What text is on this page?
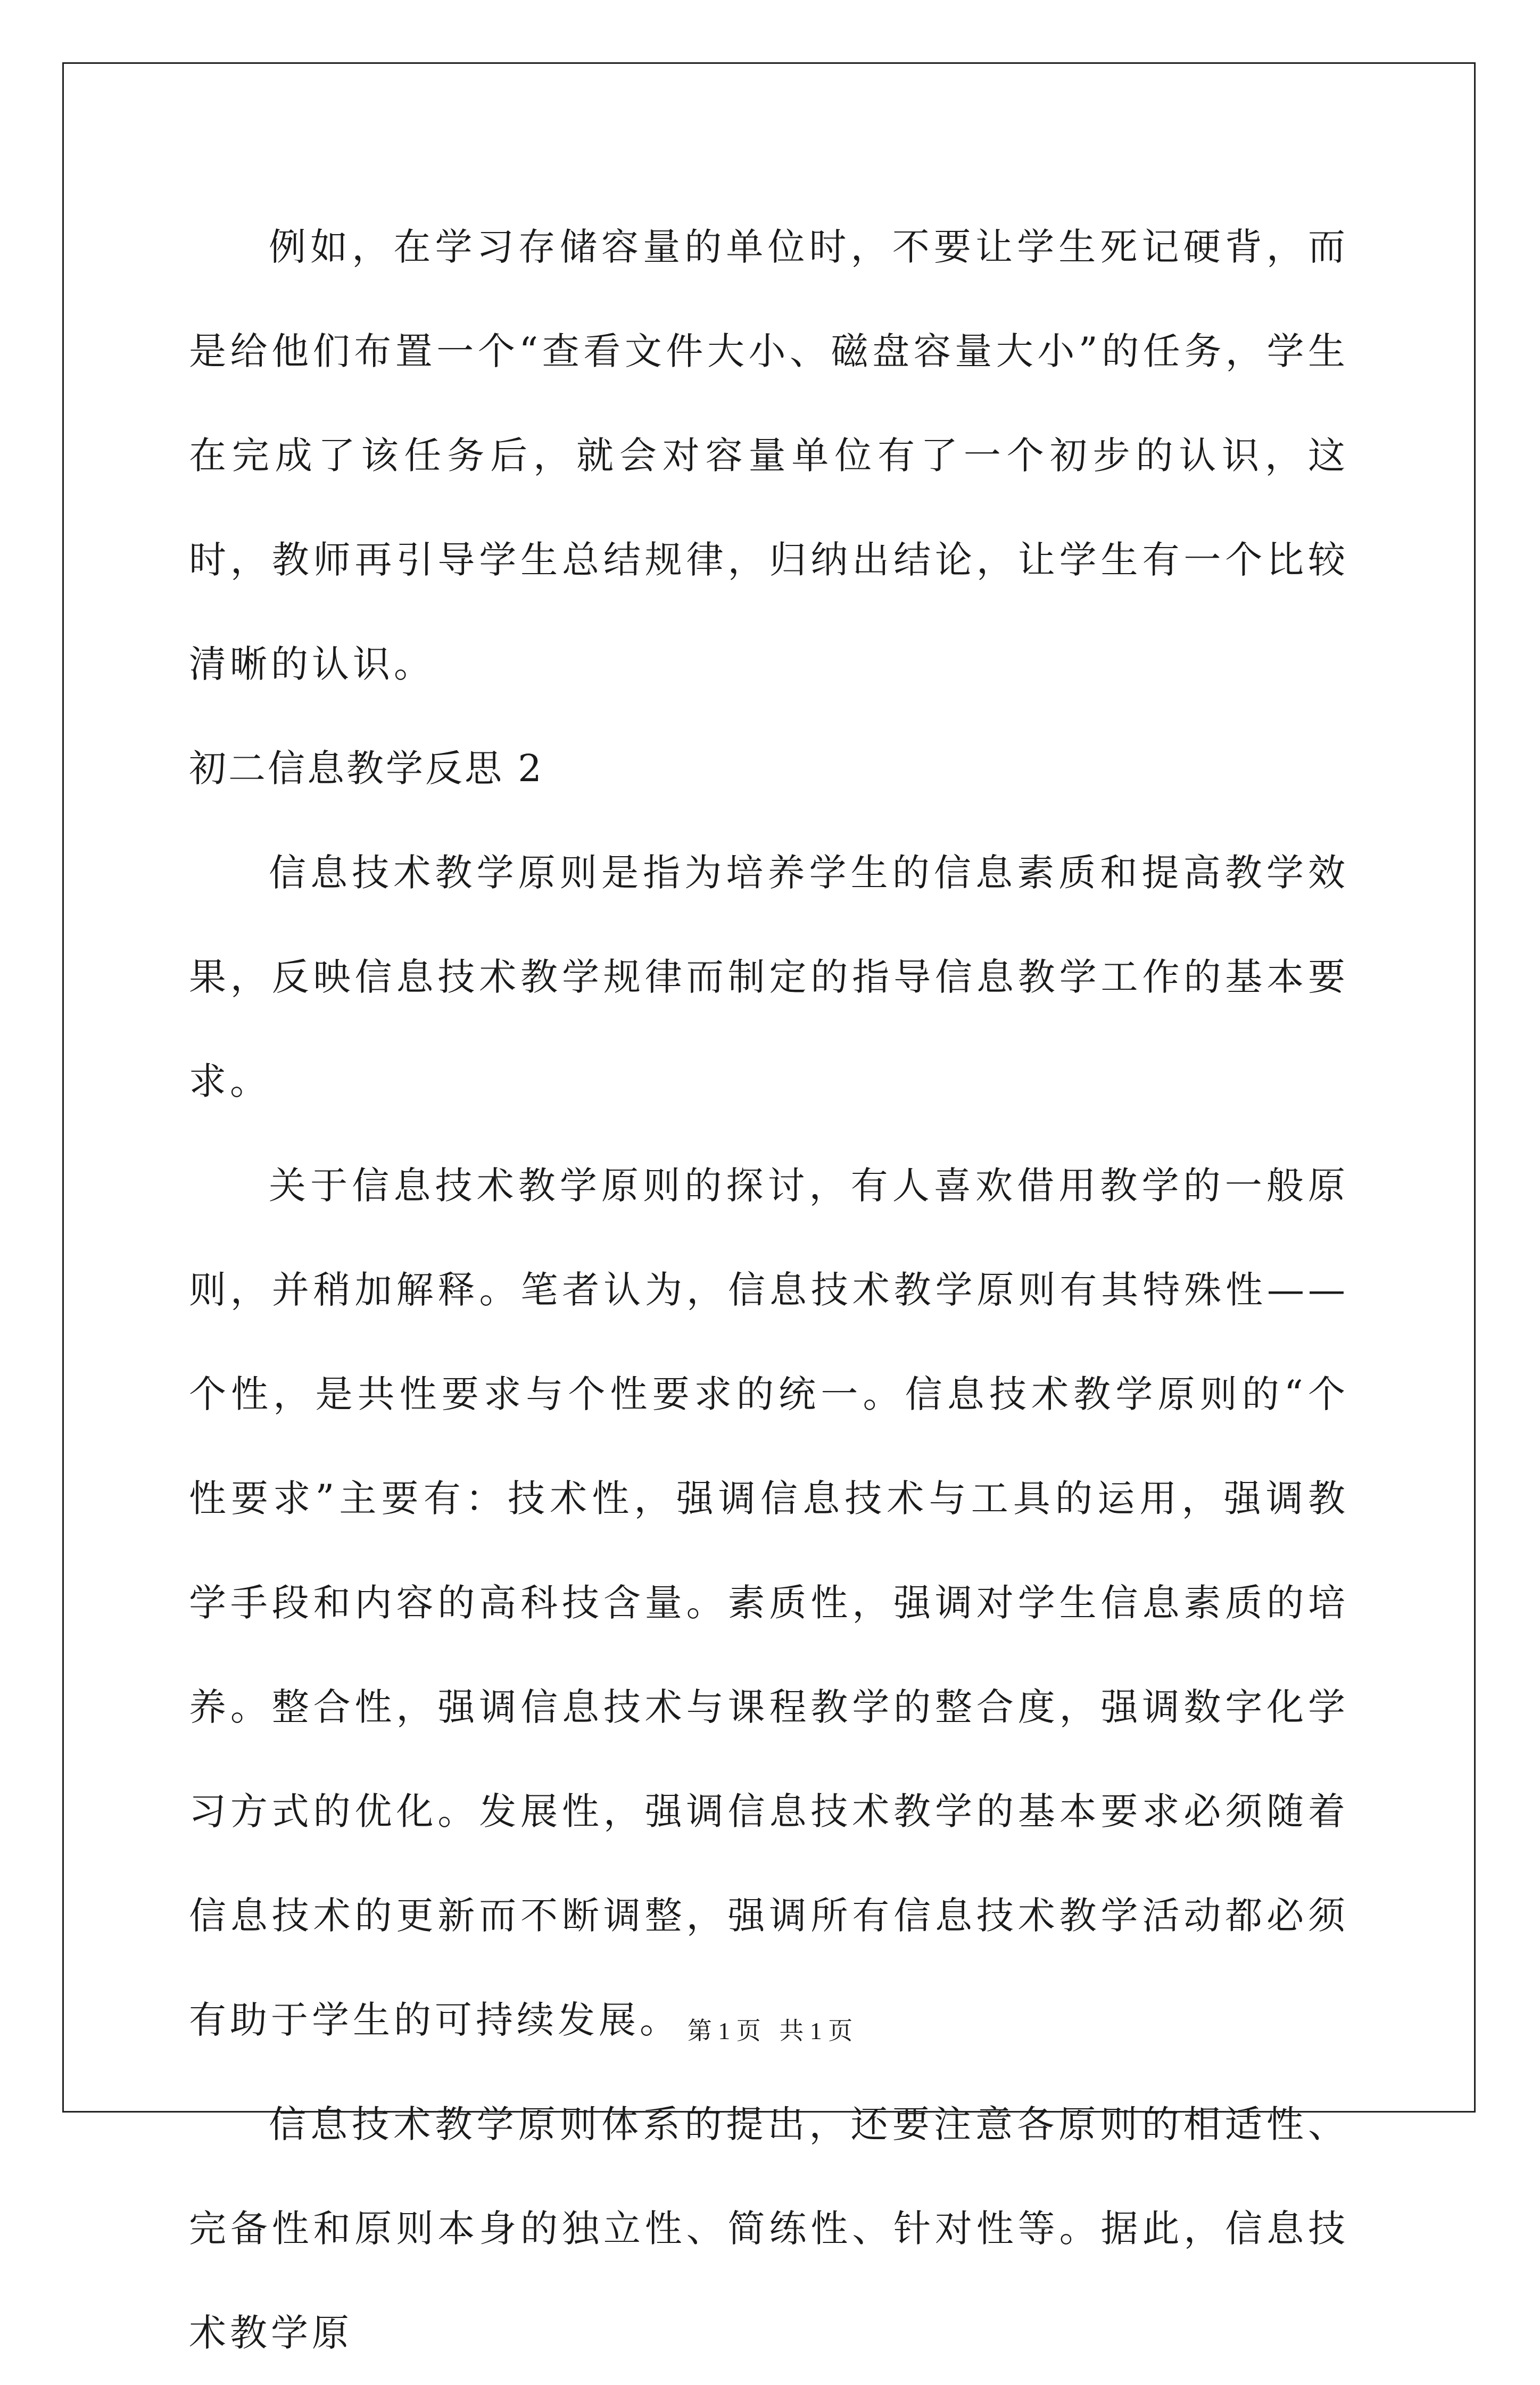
例如，在学习存储容量的单位时，不要让学生死记硬背，而是给他们布置一个“查看文件大小、磁盘容量大小”的任务，学生在完成了该任务后，就会对容量单位有了一个初步的认识，这时，教师再引导学生总结规律，归纳出结论，让学生有一个比较清晰的认识。

初二信息教学反思 2

信息技术教学原则是指为培养学生的信息素质和提高教学效果，反映信息技术教学规律而制定的指导信息教学工作的基本要求。

关于信息技术教学原则的探讨，有人喜欢借用教学的一般原则，并稍加解释。笔者认为，信息技术教学原则有其特殊性——个性，是共性要求与个性要求的统一。信息技术教学原则的“个性要求”主要有：技术性，强调信息技术与工具的运用，强调教学手段和内容的高科技含量。素质性，强调对学生信息素质的培养。整合性，强调信息技术与课程教学的整合度，强调数字化学习方式的优化。发展性，强调信息技术教学的基本要求必须随着信息技术的更新而不断调整，强调所有信息技术教学活动都必须有助于学生的可持续发展。

信息技术教学原则体系的提出，还要注意各原则的相适性、完备性和原则本身的独立性、简练性、针对性等。据此，信息技术教学原

第 1 页   共 1 页
